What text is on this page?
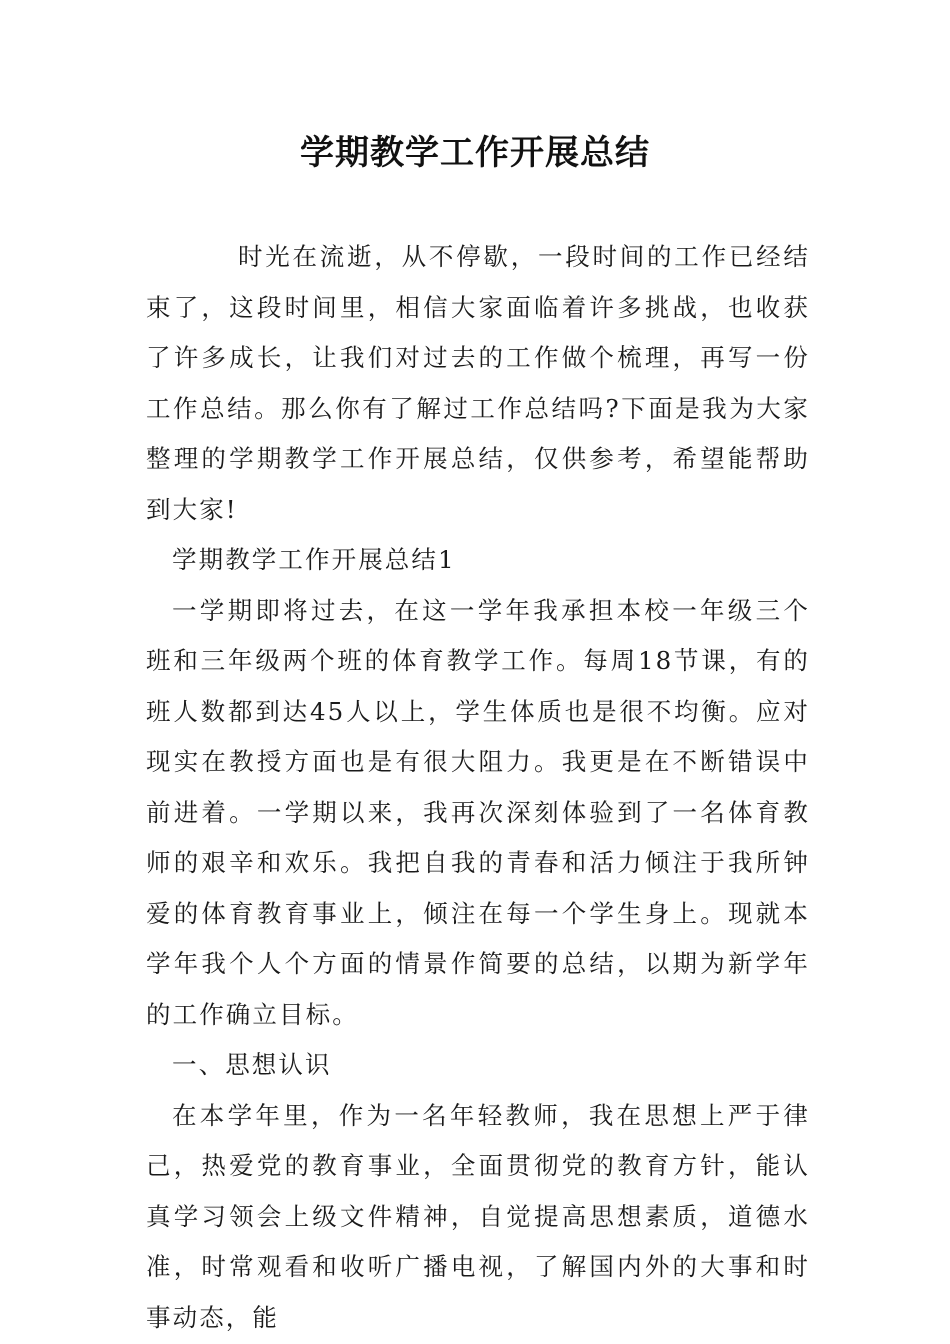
学期教学工作开展总结

时光在流逝，从不停歇，一段时间的工作已经结束了，这段时间里，相信大家面临着许多挑战，也收获了许多成长，让我们对过去的工作做个梳理，再写一份工作总结。那么你有了解过工作总结吗?下面是我为大家整理的学期教学工作开展总结，仅供参考，希望能帮助到大家!

学期教学工作开展总结1

一学期即将过去，在这一学年我承担本校一年级三个班和三年级两个班的体育教学工作。每周18节课，有的班人数都到达45人以上，学生体质也是很不均衡。应对现实在教授方面也是有很大阻力。我更是在不断错误中前进着。一学期以来，我再次深刻体验到了一名体育教师的艰辛和欢乐。我把自我的青春和活力倾注于我所钟爱的体育教育事业上，倾注在每一个学生身上。现就本学年我个人个方面的情景作简要的总结，以期为新学年的工作确立目标。

一、思想认识

在本学年里，作为一名年轻教师，我在思想上严于律己，热爱党的教育事业，全面贯彻党的教育方针，能认真学习领会上级文件精神，自觉提高思想素质，道德水准，时常观看和收听广播电视，了解国内外的大事和时事动态，能
